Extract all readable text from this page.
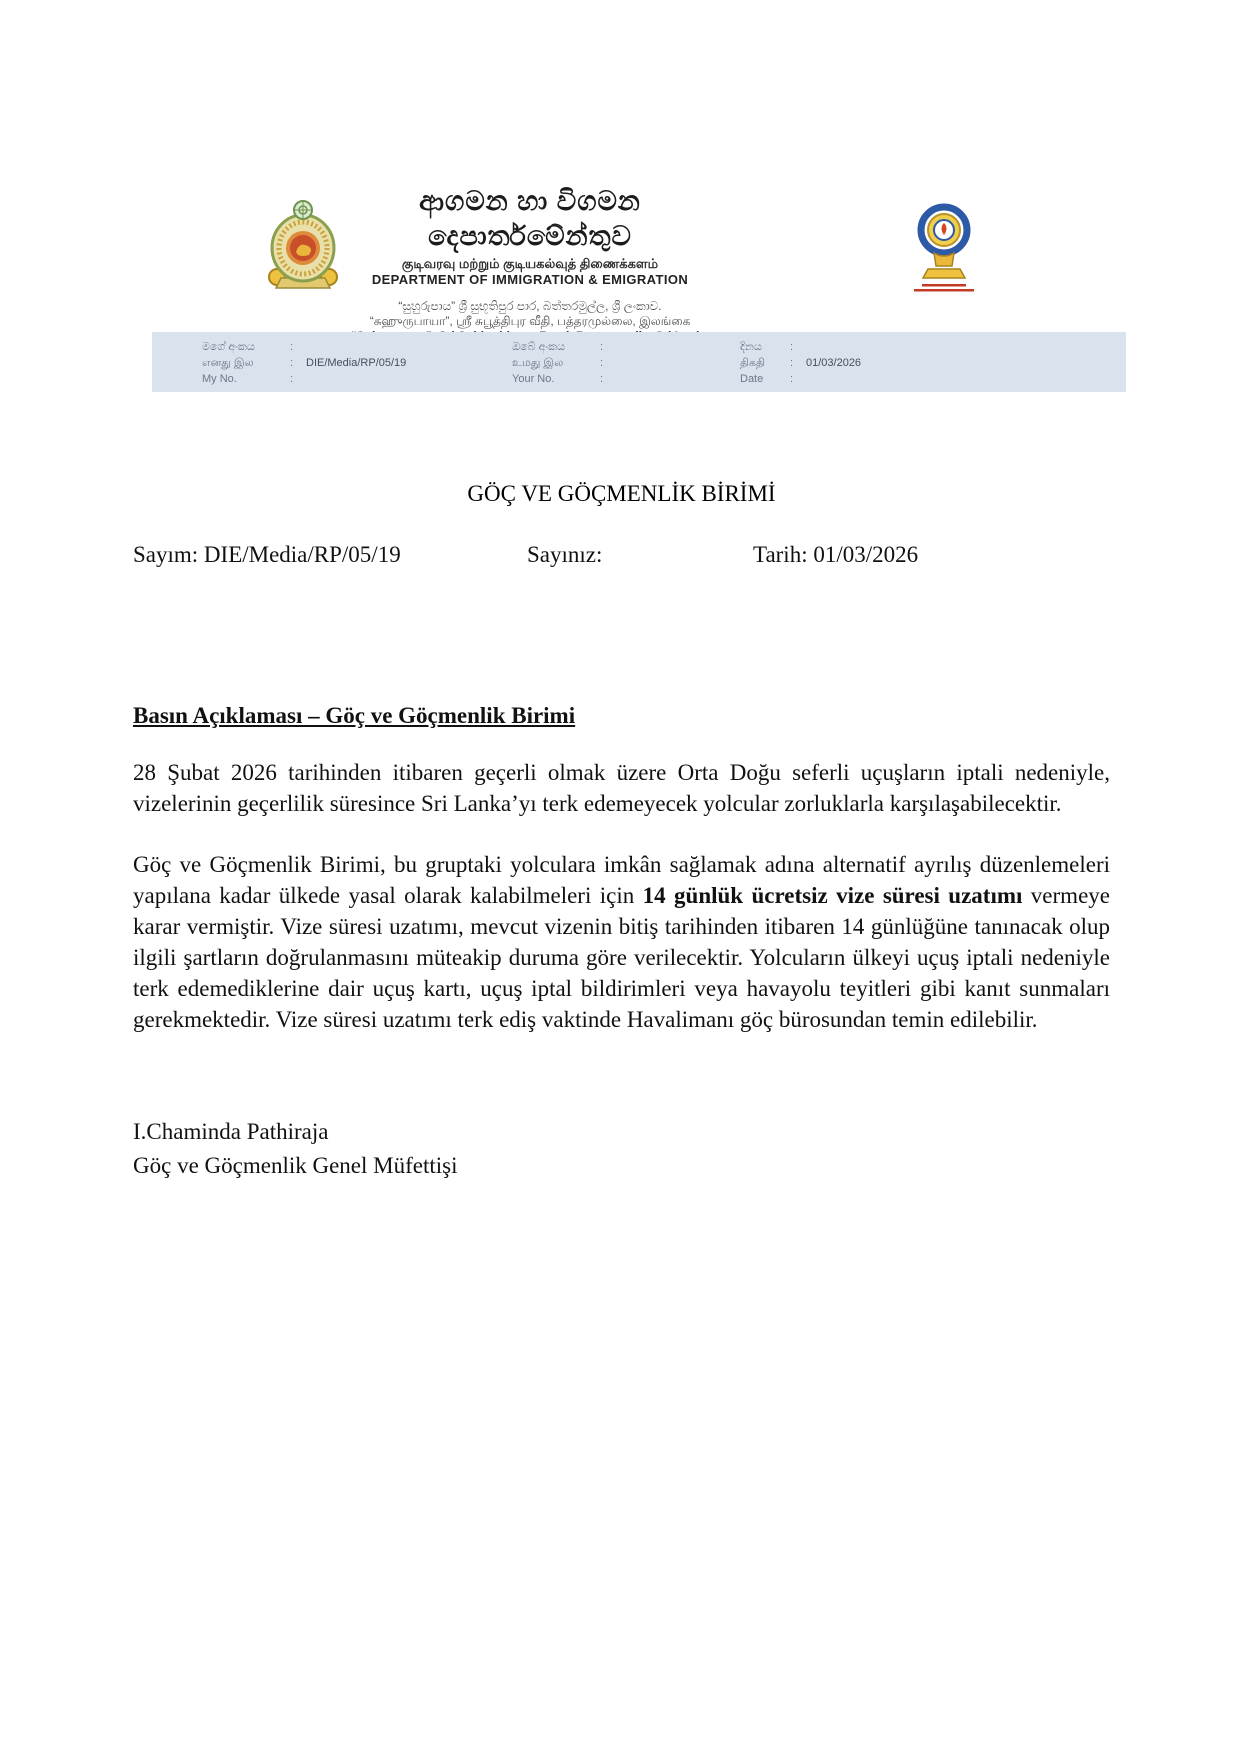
ආගමන හා විගමන
දෙපාර්තමේන්තුව
குடிவரவு மற்றும் குடியகல்வுத் திணைக்களம்
DEPARTMENT OF IMMIGRATION & EMIGRATION
“සුහුරුපාය” ශ්‍රී සුභූතිපුර පාර, බත්තරමුල්ල, ශ්‍රී ලංකාව.
“சுஹுருபாயா”, ஸ்ரீ சுபூத்திபுர வீதி, பத்தரமுல்லை, இலங்கை
මගේ අංකය	:
எனது இல	: DIE/Media/RP/05/19
My No.	:
ඔබේ අංකය	:
உமது இல	:
Your No.	:
දිනය	:
திகதி	: 01/03/2026
Date	:
GÖÇ VE GÖÇMENLİK BİRİMİ
Sayım: DIE/Media/RP/05/19	Sayınız:	Tarih: 01/03/2026
Basın Açıklaması – Göç ve Göçmenlik Birimi
28 Şubat 2026 tarihinden itibaren geçerli olmak üzere Orta Doğu seferli uçuşların iptali nedeniyle, vizelerinin geçerlilik süresince Sri Lanka’yı terk edemeyecek yolcular zorluklarla karşılaşabilecektir.
Göç ve Göçmenlik Birimi, bu gruptaki yolculara imkân sağlamak adına alternatif ayrılış düzenlemeleri yapılana kadar ülkede yasal olarak kalabilmeleri için 14 günlük ücretsiz vize süresi uzatımı vermeye karar vermiştir. Vize süresi uzatımı, mevcut vizenin bitiş tarihinden itibaren 14 günlüğüne tanınacak olup ilgili şartların doğrulanmasını müteakip duruma göre verilecektir. Yolcuların ülkeyi uçuş iptali nedeniyle terk edemediklerine dair uçuş kartı, uçuş iptal bildirimleri veya havayolu teyitleri gibi kanıt sunmaları gerekmektedir. Vize süresi uzatımı terk ediş vaktinde Havalimanı göç bürosundan temin edilebilir.
I.Chaminda Pathiraja
Göç ve Göçmenlik Genel Müfettişi
